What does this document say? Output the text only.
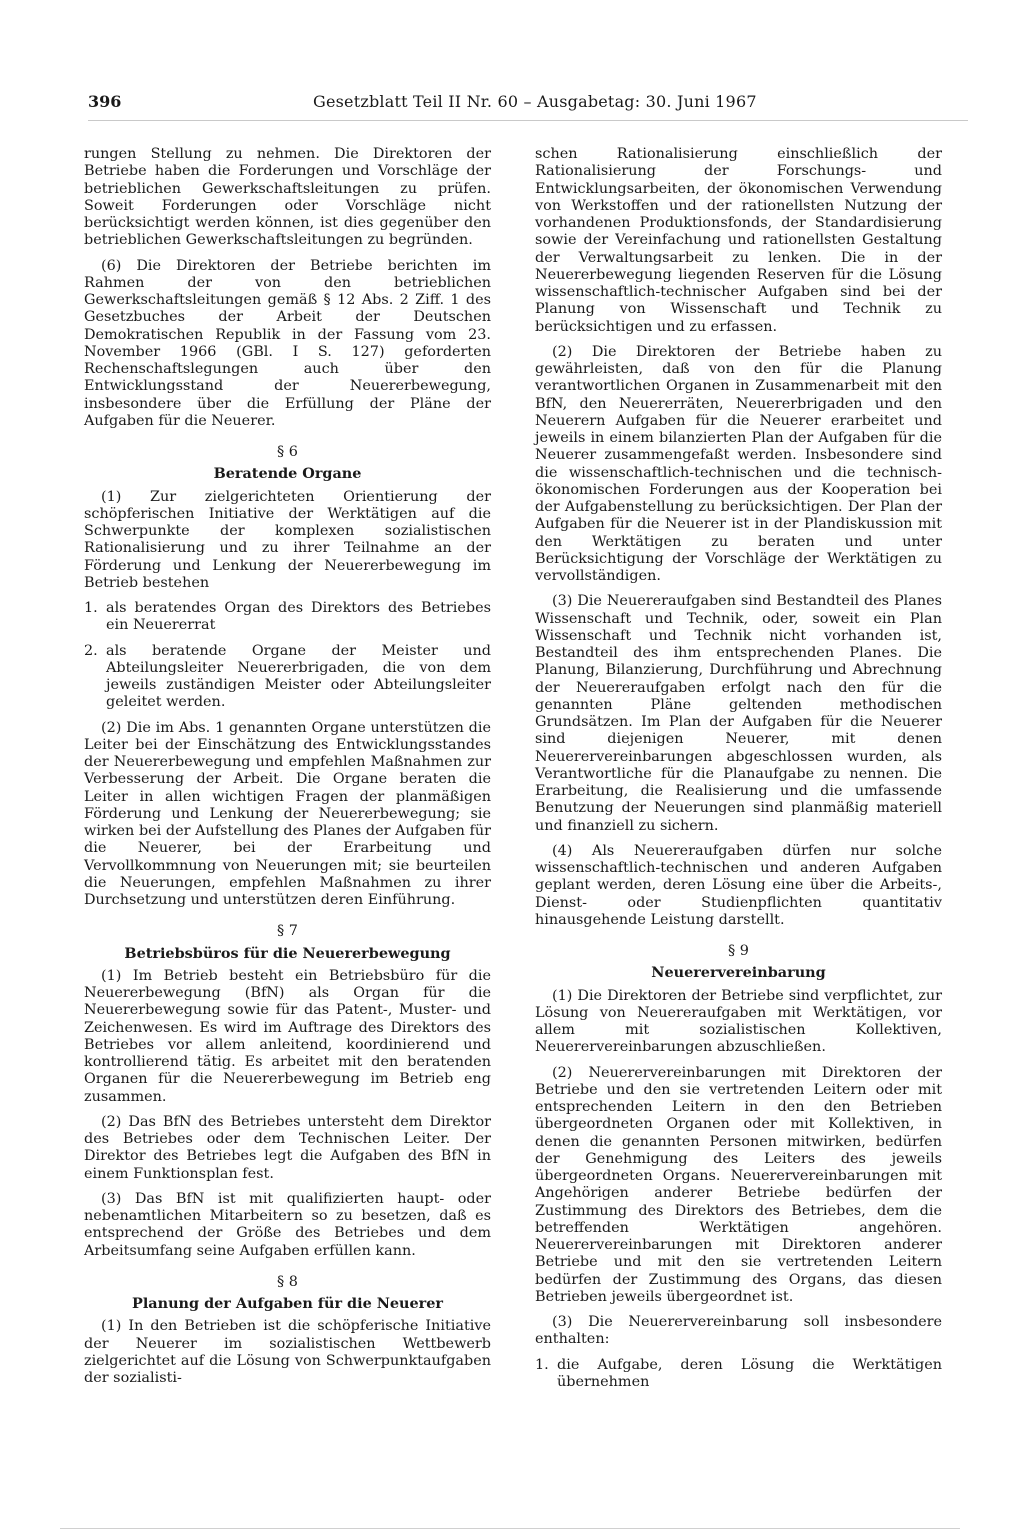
396	Gesetzblatt Teil II Nr. 60 – Ausgabetag: 30. Juni 1967

rungen Stellung zu nehmen. Die Direktoren der Betriebe haben die Forderungen und Vorschläge der betrieblichen Gewerkschaftsleitungen zu prüfen. Soweit Forderungen oder Vorschläge nicht berücksichtigt werden können, ist dies gegenüber den betrieblichen Gewerkschaftsleitungen zu begründen.

(6) Die Direktoren der Betriebe berichten im Rahmen der von den betrieblichen Gewerkschaftsleitungen gemäß § 12 Abs. 2 Ziff. 1 des Gesetzbuches der Arbeit der Deutschen Demokratischen Republik in der Fassung vom 23. November 1966 (GBl. I S. 127) geforderten Rechenschaftslegungen auch über den Entwicklungsstand der Neuererbewegung, insbesondere über die Erfüllung der Pläne der Aufgaben für die Neuerer.

§ 6

Beratende Organe

(1) Zur zielgerichteten Orientierung der schöpferischen Initiative der Werktätigen auf die Schwerpunkte der komplexen sozialistischen Rationalisierung und zu ihrer Teilnahme an der Förderung und Lenkung der Neuererbewegung im Betrieb bestehen

1. als beratendes Organ des Direktors des Betriebes ein Neuererrat
2. als beratende Organe der Meister und Abteilungsleiter Neuererbrigaden, die von dem jeweils zuständigen Meister oder Abteilungsleiter geleitet werden.

(2) Die im Abs. 1 genannten Organe unterstützen die Leiter bei der Einschätzung des Entwicklungsstandes der Neuererbewegung und empfehlen Maßnahmen zur Verbesserung der Arbeit. Die Organe beraten die Leiter in allen wichtigen Fragen der planmäßigen Förderung und Lenkung der Neuererbewegung; sie wirken bei der Aufstellung des Planes der Aufgaben für die Neuerer, bei der Erarbeitung und Vervollkommnung von Neuerungen mit; sie beurteilen die Neuerungen, empfehlen Maßnahmen zu ihrer Durchsetzung und unterstützen deren Einführung.

§ 7

Betriebsbüros für die Neuererbewegung

(1) Im Betrieb besteht ein Betriebsbüro für die Neuererbewegung (BfN) als Organ für die Neuererbewegung sowie für das Patent-, Muster- und Zeichenwesen. Es wird im Auftrage des Direktors des Betriebes vor allem anleitend, koordinierend und kontrollierend tätig. Es arbeitet mit den beratenden Organen für die Neuererbewegung im Betrieb eng zusammen.

(2) Das BfN des Betriebes untersteht dem Direktor des Betriebes oder dem Technischen Leiter. Der Direktor des Betriebes legt die Aufgaben des BfN in einem Funktionsplan fest.

(3) Das BfN ist mit qualifizierten haupt- oder nebenamtlichen Mitarbeitern so zu besetzen, daß es entsprechend der Größe des Betriebes und dem Arbeitsumfang seine Aufgaben erfüllen kann.

§ 8

Planung der Aufgaben für die Neuerer

(1) In den Betrieben ist die schöpferische Initiative der Neuerer im sozialistischen Wettbewerb zielgerichtet auf die Lösung von Schwerpunktaufgaben der sozialisti-

schen Rationalisierung einschließlich der Rationalisierung der Forschungs- und Entwicklungsarbeiten, der ökonomischen Verwendung von Werkstoffen und der rationellsten Nutzung der vorhandenen Produktionsfonds, der Standardisierung sowie der Vereinfachung und rationellsten Gestaltung der Verwaltungsarbeit zu lenken. Die in der Neuererbewegung liegenden Reserven für die Lösung wissenschaftlich-technischer Aufgaben sind bei der Planung von Wissenschaft und Technik zu berücksichtigen und zu erfassen.

(2) Die Direktoren der Betriebe haben zu gewährleisten, daß von den für die Planung verantwortlichen Organen in Zusammenarbeit mit den BfN, den Neuererräten, Neuererbrigaden und den Neuerern Aufgaben für die Neuerer erarbeitet und jeweils in einem bilanzierten Plan der Aufgaben für die Neuerer zusammengefaßt werden. Insbesondere sind die wissenschaftlich-technischen und die technisch-ökonomischen Forderungen aus der Kooperation bei der Aufgabenstellung zu berücksichtigen. Der Plan der Aufgaben für die Neuerer ist in der Plandiskussion mit den Werktätigen zu beraten und unter Berücksichtigung der Vorschläge der Werktätigen zu vervollständigen.

(3) Die Neuereraufgaben sind Bestandteil des Planes Wissenschaft und Technik, oder, soweit ein Plan Wissenschaft und Technik nicht vorhanden ist, Bestandteil des ihm entsprechenden Planes. Die Planung, Bilanzierung, Durchführung und Abrechnung der Neuereraufgaben erfolgt nach den für die genannten Pläne geltenden methodischen Grundsätzen. Im Plan der Aufgaben für die Neuerer sind diejenigen Neuerer, mit denen Neuerervereinbarungen abgeschlossen wurden, als Verantwortliche für die Planaufgabe zu nennen. Die Erarbeitung, die Realisierung und die umfassende Benutzung der Neuerungen sind planmäßig materiell und finanziell zu sichern.

(4) Als Neuereraufgaben dürfen nur solche wissenschaftlich-technischen und anderen Aufgaben geplant werden, deren Lösung eine über die Arbeits-, Dienst- oder Studienpflichten quantitativ hinausgehende Leistung darstellt.

§ 9

Neuerervereinbarung

(1) Die Direktoren der Betriebe sind verpflichtet, zur Lösung von Neuereraufgaben mit Werktätigen, vor allem mit sozialistischen Kollektiven, Neuerervereinbarungen abzuschließen.

(2) Neuerervereinbarungen mit Direktoren der Betriebe und den sie vertretenden Leitern oder mit entsprechenden Leitern in den den Betrieben übergeordneten Organen oder mit Kollektiven, in denen die genannten Personen mitwirken, bedürfen der Genehmigung des Leiters des jeweils übergeordneten Organs. Neuerervereinbarungen mit Angehörigen anderer Betriebe bedürfen der Zustimmung des Direktors des Betriebes, dem die betreffenden Werktätigen angehören. Neuerervereinbarungen mit Direktoren anderer Betriebe und mit den sie vertretenden Leitern bedürfen der Zustimmung des Organs, das diesen Betrieben jeweils übergeordnet ist.

(3) Die Neuerervereinbarung soll insbesondere enthalten:

1. die Aufgabe, deren Lösung die Werktätigen übernehmen
